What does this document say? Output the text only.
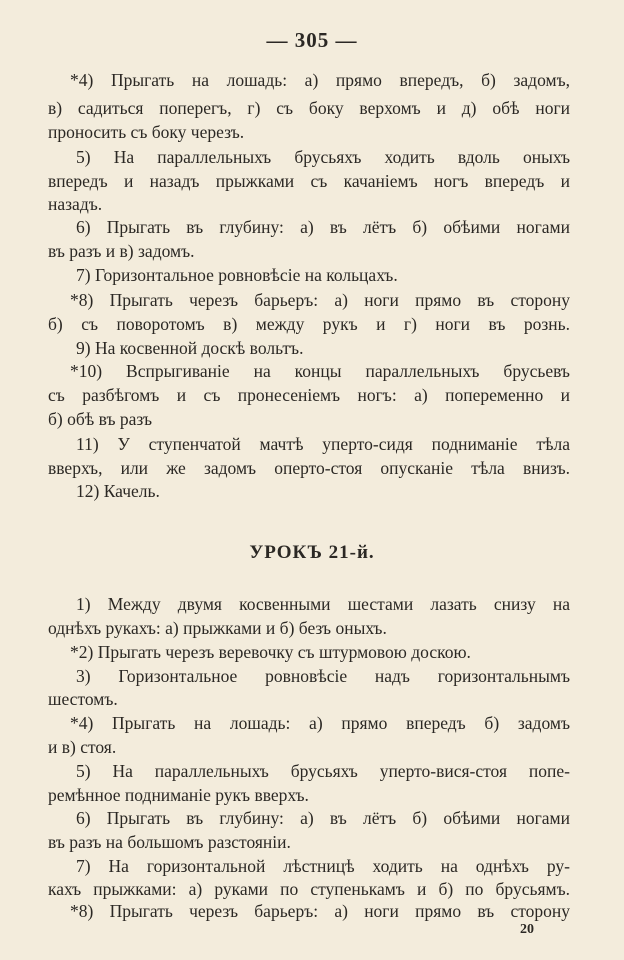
— 305 —
*4) Прыгать на лошадь: а) прямо впередъ, б) задомъ,
в) садиться поперегъ, г) съ боку верхомъ и д) обѣ ноги
проносить съ боку черезъ.
5) На параллельныхъ брусьяхъ ходить вдоль оныхъ
впередъ и назадъ прыжками съ качаніемъ ногъ впередъ и
назадъ.
6) Прыгать въ глубину: а) въ лётъ б) обѣими ногами
въ разъ и в) задомъ.
7) Горизонтальное ровновѣсіе на кольцахъ.
*8) Прыгать черезъ барьеръ: а) ноги прямо въ сторону
б) съ поворотомъ в) между рукъ и г) ноги въ рознь.
9) На косвенной доскѣ вольтъ.
*10) Вспрыгиваніе на концы параллельныхъ брусьевъ
съ разбѣгомъ и съ пронесеніемъ ногъ: а) попеременно и
б) обѣ въ разъ
11) У ступенчатой мачтѣ уперто-сидя подниманіе тѣла
вверхъ, или же задомъ оперто-стоя опусканіе тѣла внизъ.
12) Качель.
УРОКЪ 21-й.
1) Между двумя косвенными шестами лазать снизу на
однѣхъ рукахъ: а) прыжками и б) безъ оныхъ.
*2) Прыгать черезъ веревочку съ штурмовою доскою.
3) Горизонтальное ровновѣсіе надъ горизонтальнымъ
шестомъ.
*4) Прыгать на лошадь: а) прямо впередъ б) задомъ
и в) стоя.
5) На параллельныхъ брусьяхъ уперто-вися-стоя попе-
ремѣнное подниманіе рукъ вверхъ.
6) Прыгать въ глубину: а) въ лётъ б) обѣими ногами
въ разъ на большомъ разстояніи.
7) На горизонтальной лѣстницѣ ходить на однѣхъ ру-
кахъ прыжками: а) руками по ступенькамъ и б) по брусьямъ.
*8) Прыгать черезъ барьеръ: а) ноги прямо въ сторону
20
